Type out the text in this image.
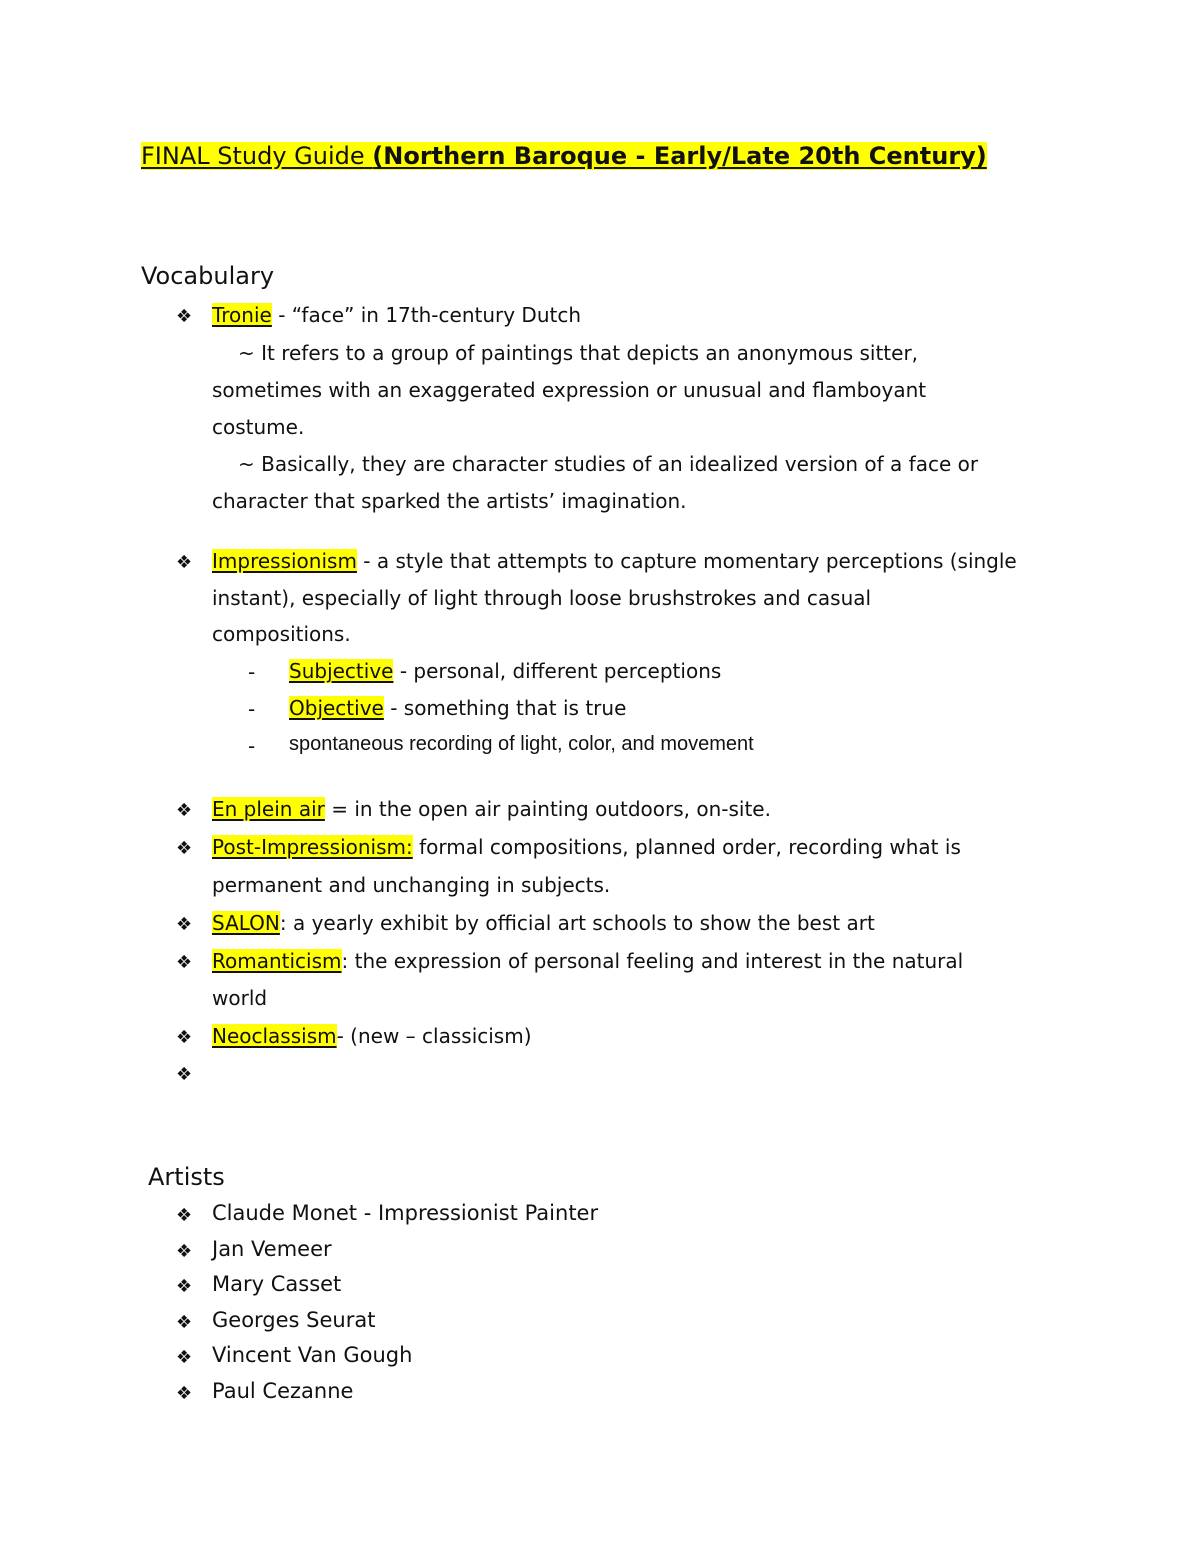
FINAL Study Guide (Northern Baroque - Early/Late 20th Century)
Vocabulary
❖ Tronie - “face” in 17th-century Dutch
~ It refers to a group of paintings that depicts an anonymous sitter,
sometimes with an exaggerated expression or unusual and flamboyant
costume.
~ Basically, they are character studies of an idealized version of a face or
character that sparked the artists’ imagination.
❖ Impressionism - a style that attempts to capture momentary perceptions (single
instant), especially of light through loose brushstrokes and casual
compositions.
- Subjective - personal, different perceptions
- Objective - something that is true
- spontaneous recording of light, color, and movement
❖ En plein air = in the open air painting outdoors, on-site.
❖ Post-Impressionism: formal compositions, planned order, recording what is
permanent and unchanging in subjects.
❖ SALON: a yearly exhibit by official art schools to show the best art
❖ Romanticism: the expression of personal feeling and interest in the natural
world
❖ Neoclassism- (new – classicism)
❖
Artists
❖ Claude Monet - Impressionist Painter
❖ Jan Vemeer
❖ Mary Casset
❖ Georges Seurat
❖ Vincent Van Gough
❖ Paul Cezanne
